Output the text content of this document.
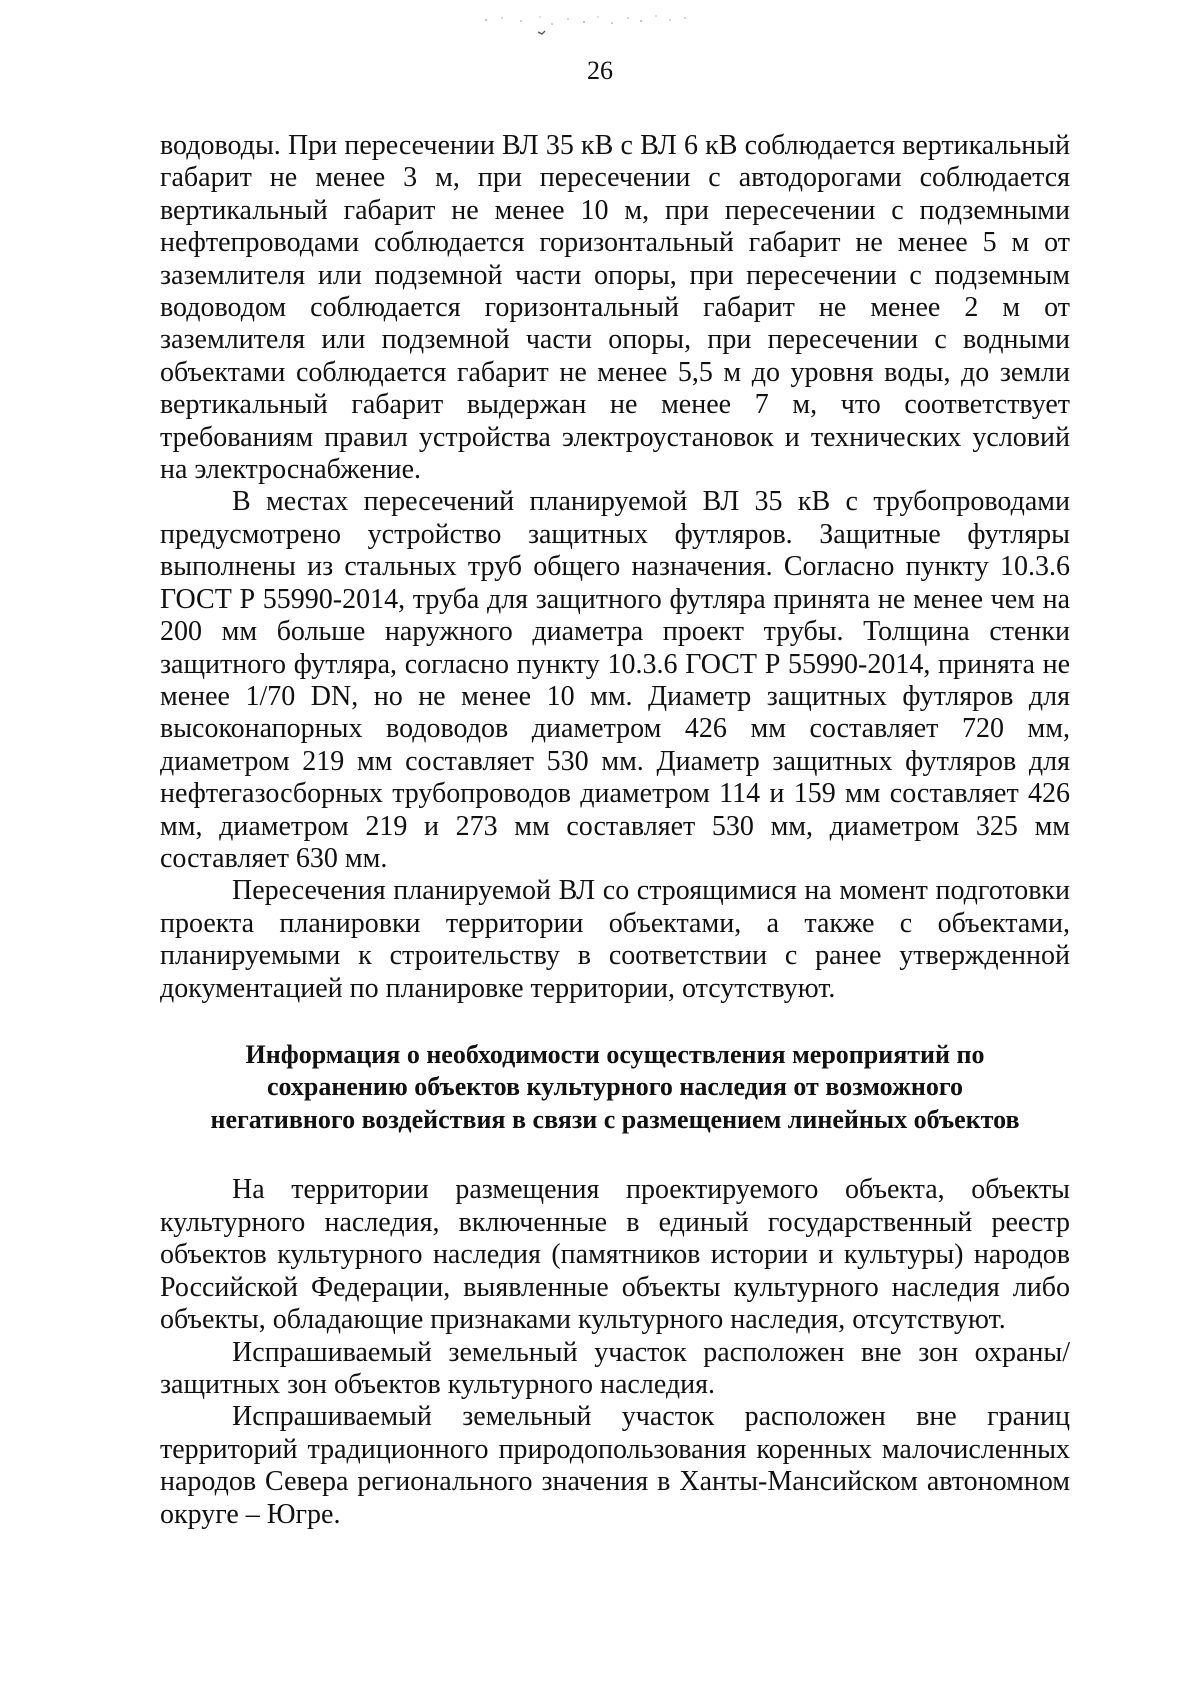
26

водоводы. При пересечении ВЛ 35 кВ с ВЛ 6 кВ соблюдается вертикальный габарит не менее 3 м, при пересечении с автодорогами соблюдается вертикальный габарит не менее 10 м, при пересечении с подземными нефтепроводами соблюдается горизонтальный габарит не менее 5 м от заземлителя или подземной части опоры, при пересечении с подземным водоводом соблюдается горизонтальный габарит не менее 2 м от заземлителя или подземной части опоры, при пересечении с водными объектами соблюдается габарит не менее 5,5 м до уровня воды, до земли вертикальный габарит выдержан не менее 7 м, что соответствует требованиям правил устройства электроустановок и технических условий на электроснабжение.

В местах пересечений планируемой ВЛ 35 кВ с трубопроводами предусмотрено устройство защитных футляров. Защитные футляры выполнены из стальных труб общего назначения. Согласно пункту 10.3.6 ГОСТ Р 55990-2014, труба для защитного футляра принята не менее чем на 200 мм больше наружного диаметра проект трубы. Толщина стенки защитного футляра, согласно пункту 10.3.6 ГОСТ Р 55990-2014, принята не менее 1/70 DN, но не менее 10 мм. Диаметр защитных футляров для высоконапорных водоводов диаметром 426 мм составляет 720 мм, диаметром 219 мм составляет 530 мм. Диаметр защитных футляров для нефтегазосборных трубопроводов диаметром 114 и 159 мм составляет 426 мм, диаметром 219 и 273 мм составляет 530 мм, диаметром 325 мм составляет 630 мм.

Пересечения планируемой ВЛ со строящимися на момент подготовки проекта планировки территории объектами, а также с объектами, планируемыми к строительству в соответствии с ранее утвержденной документацией по планировке территории, отсутствуют.

Информация о необходимости осуществления мероприятий по
сохранению объектов культурного наследия от возможного
негативного воздействия в связи с размещением линейных объектов

На территории размещения проектируемого объекта, объекты культурного наследия, включенные в единый государственный реестр объектов культурного наследия (памятников истории и культуры) народов Российской Федерации, выявленные объекты культурного наследия либо объекты, обладающие признаками культурного наследия, отсутствуют.

Испрашиваемый земельный участок расположен вне зон охраны/защитных зон объектов культурного наследия.

Испрашиваемый земельный участок расположен вне границ территорий традиционного природопользования коренных малочисленных народов Севера регионального значения в Ханты-Мансийском автономном округе – Югре.
